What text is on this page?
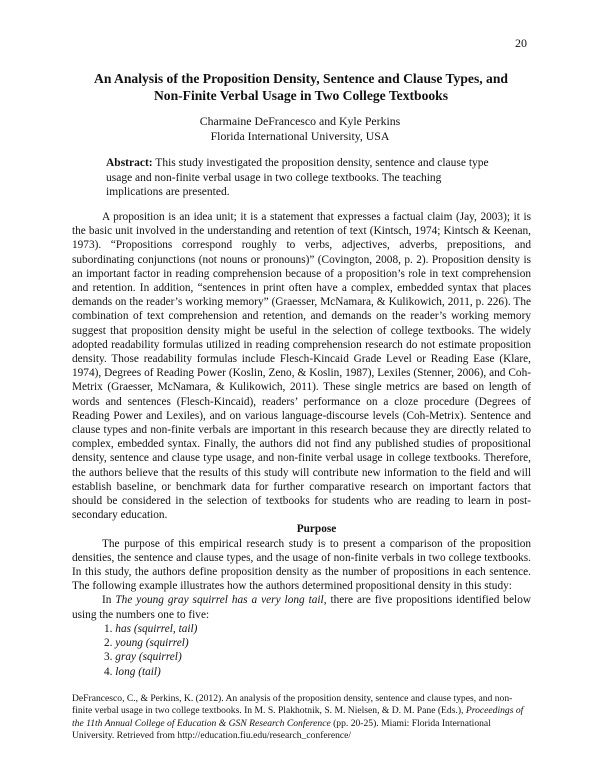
20
An Analysis of the Proposition Density, Sentence and Clause Types, and Non-Finite Verbal Usage in Two College Textbooks
Charmaine DeFrancesco and Kyle Perkins
Florida International University, USA

Abstract: This study investigated the proposition density, sentence and clause type usage and non-finite verbal usage in two college textbooks. The teaching implications are presented.

A proposition is an idea unit; it is a statement that expresses a factual claim (Jay, 2003); it is the basic unit involved in the understanding and retention of text (Kintsch, 1974; Kintsch & Keenan, 1973). “Propositions correspond roughly to verbs, adjectives, adverbs, prepositions, and subordinating conjunctions (not nouns or pronouns)” (Covington, 2008, p. 2). Proposition density is an important factor in reading comprehension because of a proposition’s role in text comprehension and retention. In addition, “sentences in print often have a complex, embedded syntax that places demands on the reader’s working memory” (Graesser, McNamara, & Kulikowich, 2011, p. 226). The combination of text comprehension and retention, and demands on the reader’s working memory suggest that proposition density might be useful in the selection of college textbooks. The widely adopted readability formulas utilized in reading comprehension research do not estimate proposition density. Those readability formulas include Flesch-Kincaid Grade Level or Reading Ease (Klare, 1974), Degrees of Reading Power (Koslin, Zeno, & Koslin, 1987), Lexiles (Stenner, 2006), and Coh-Metrix (Graesser, McNamara, & Kulikowich, 2011). These single metrics are based on length of words and sentences (Flesch-Kincaid), readers’ performance on a cloze procedure (Degrees of Reading Power and Lexiles), and on various language-discourse levels (Coh-Metrix). Sentence and clause types and non-finite verbals are important in this research because they are directly related to complex, embedded syntax. Finally, the authors did not find any published studies of propositional density, sentence and clause type usage, and non-finite verbal usage in college textbooks. Therefore, the authors believe that the results of this study will contribute new information to the field and will establish baseline, or benchmark data for further comparative research on important factors that should be considered in the selection of textbooks for students who are reading to learn in post-secondary education.

Purpose

The purpose of this empirical research study is to present a comparison of the proposition densities, the sentence and clause types, and the usage of non-finite verbals in two college textbooks. In this study, the authors define proposition density as the number of propositions in each sentence. The following example illustrates how the authors determined propositional density in this study:

In The young gray squirrel has a very long tail, there are five propositions identified below using the numbers one to five:

1. has (squirrel, tail)
2. young (squirrel)
3. gray (squirrel)
4. long (tail)
DeFrancesco, C., & Perkins, K. (2012). An analysis of the proposition density, sentence and clause types, and non-finite verbal usage in two college textbooks. In M. S. Plakhotnik, S. M. Nielsen, & D. M. Pane (Eds.), Proceedings of the 11th Annual College of Education & GSN Research Conference (pp. 20-25). Miami: Florida International University. Retrieved from http://education.fiu.edu/research_conference/
